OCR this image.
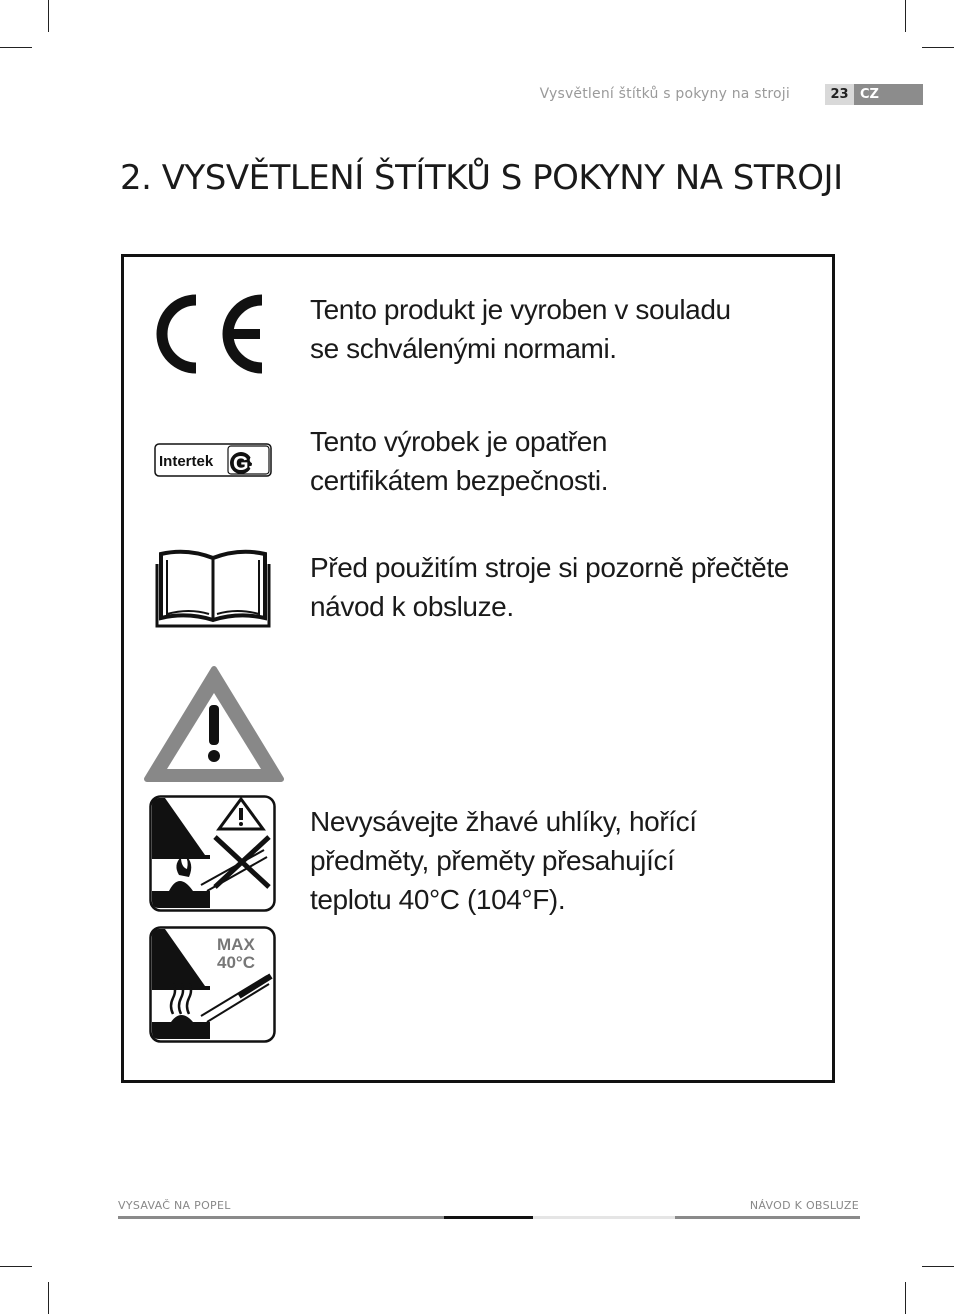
Vysvětlení štítků s pokyny na stroji	23 CZ
2. VYSVĚTLENÍ ŠTÍTKŮ S POKYNY NA STROJI
Tento produkt je vyroben v souladu
se schválenými normami.
Intertek GS
Tento výrobek je opatřen
certifikátem bezpečnosti.
Před použitím stroje si pozorně přečtěte
návod k obsluze.
MAX
40°C
Nevysávejte žhavé uhlíky, hořící
předměty, přeměty přesahující
teplotu 40°C (104°F).
VYSAVAČ NA POPEL	NÁVOD K OBSLUZE
